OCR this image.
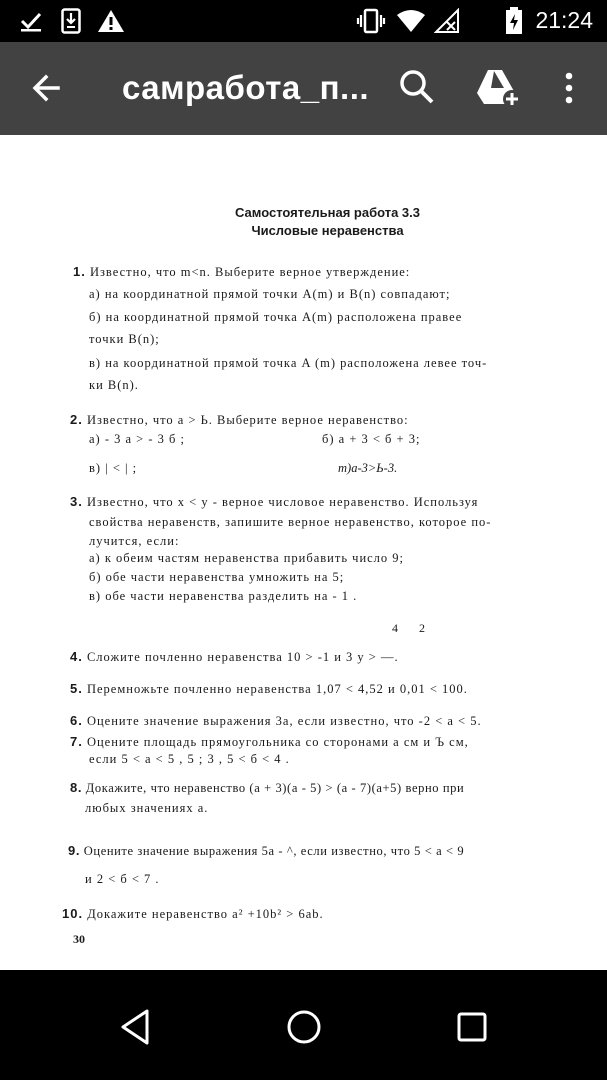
21:24
самработа_п...
Самостоятельная работа 3.3
Числовые неравенства
1. Известно, что m<n. Выберите верное утверждение:
а) на координатной прямой точки A(m) и B(n) совпадают;
б) на координатной прямой точка A(m) расположена правее
точки B(n);
в) на координатной прямой точка A (m) расположена левее точ-
ки B(n).
2. Известно, что a > Ь. Выберите верное неравенство:
а) - 3 а > - 3 б ;	б) а + 3 < б + 3;
в) | < | ;	т)а-3>Ь-3.
3. Известно, что x < y - верное числовое неравенство. Используя
свойства неравенств, запишите верное неравенство, которое по-
лучится, если:
а) к обеим частям неравенства прибавить число 9;
б) обе части неравенства умножить на 5;
в) обе части неравенства разделить на - 1 .
4     2
4. Сложите почленно неравенства 10 > -1 и 3 y > —.
5. Перемножьте почленно неравенства 1,07 < 4,52 и 0,01 < 100.
6. Оцените значение выражения 3a, если известно, что -2 < a < 5.
7. Оцените площадь прямоугольника со сторонами a см и Ъ см,
если 5 < а < 5 , 5 ; 3 , 5 < б < 4 .
8. Докажите, что неравенство (a + 3)(a - 5) > (a - 7)(a+5) верно при
любых значениях a.
9. Оцените значение выражения 5a - ^, если известно, что 5 < a < 9
и 2 < б < 7 .
10. Докажите неравенство a² +10b² > 6ab.
30
